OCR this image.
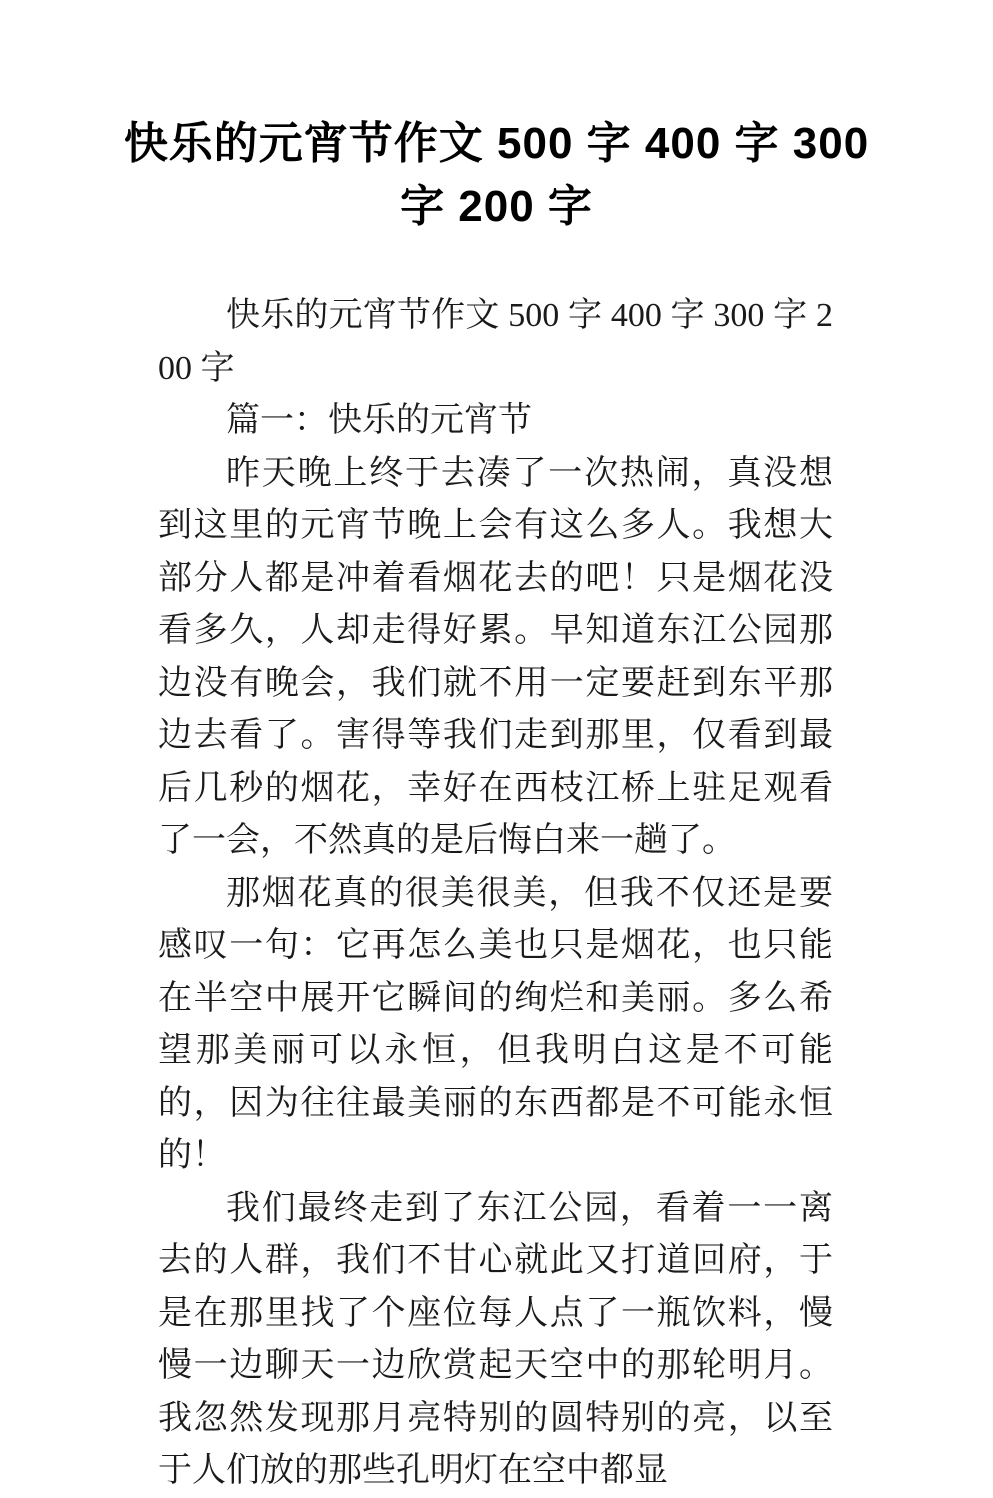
快乐的元宵节作文 500 字 400 字 300
字 200 字

快乐的元宵节作文 500 字 400 字 300 字 200 字

篇一：快乐的元宵节

昨天晚上终于去凑了一次热闹，真没想到这里的元宵节晚上会有这么多人。我想大部分人都是冲着看烟花去的吧！只是烟花没看多久，人却走得好累。早知道东江公园那边没有晚会，我们就不用一定要赶到东平那边去看了。害得等我们走到那里，仅看到最后几秒的烟花，幸好在西枝江桥上驻足观看了一会，不然真的是后悔白来一趟了。

那烟花真的很美很美，但我不仅还是要感叹一句：它再怎么美也只是烟花，也只能在半空中展开它瞬间的绚烂和美丽。多么希望那美丽可以永恒，但我明白这是不可能的，因为往往最美丽的东西都是不可能永恒的！

我们最终走到了东江公园，看着一一离去的人群，我们不甘心就此又打道回府，于是在那里找了个座位每人点了一瓶饮料，慢慢一边聊天一边欣赏起天空中的那轮明月。我忽然发现那月亮特别的圆特别的亮，以至于人们放的那些孔明灯在空中都显
